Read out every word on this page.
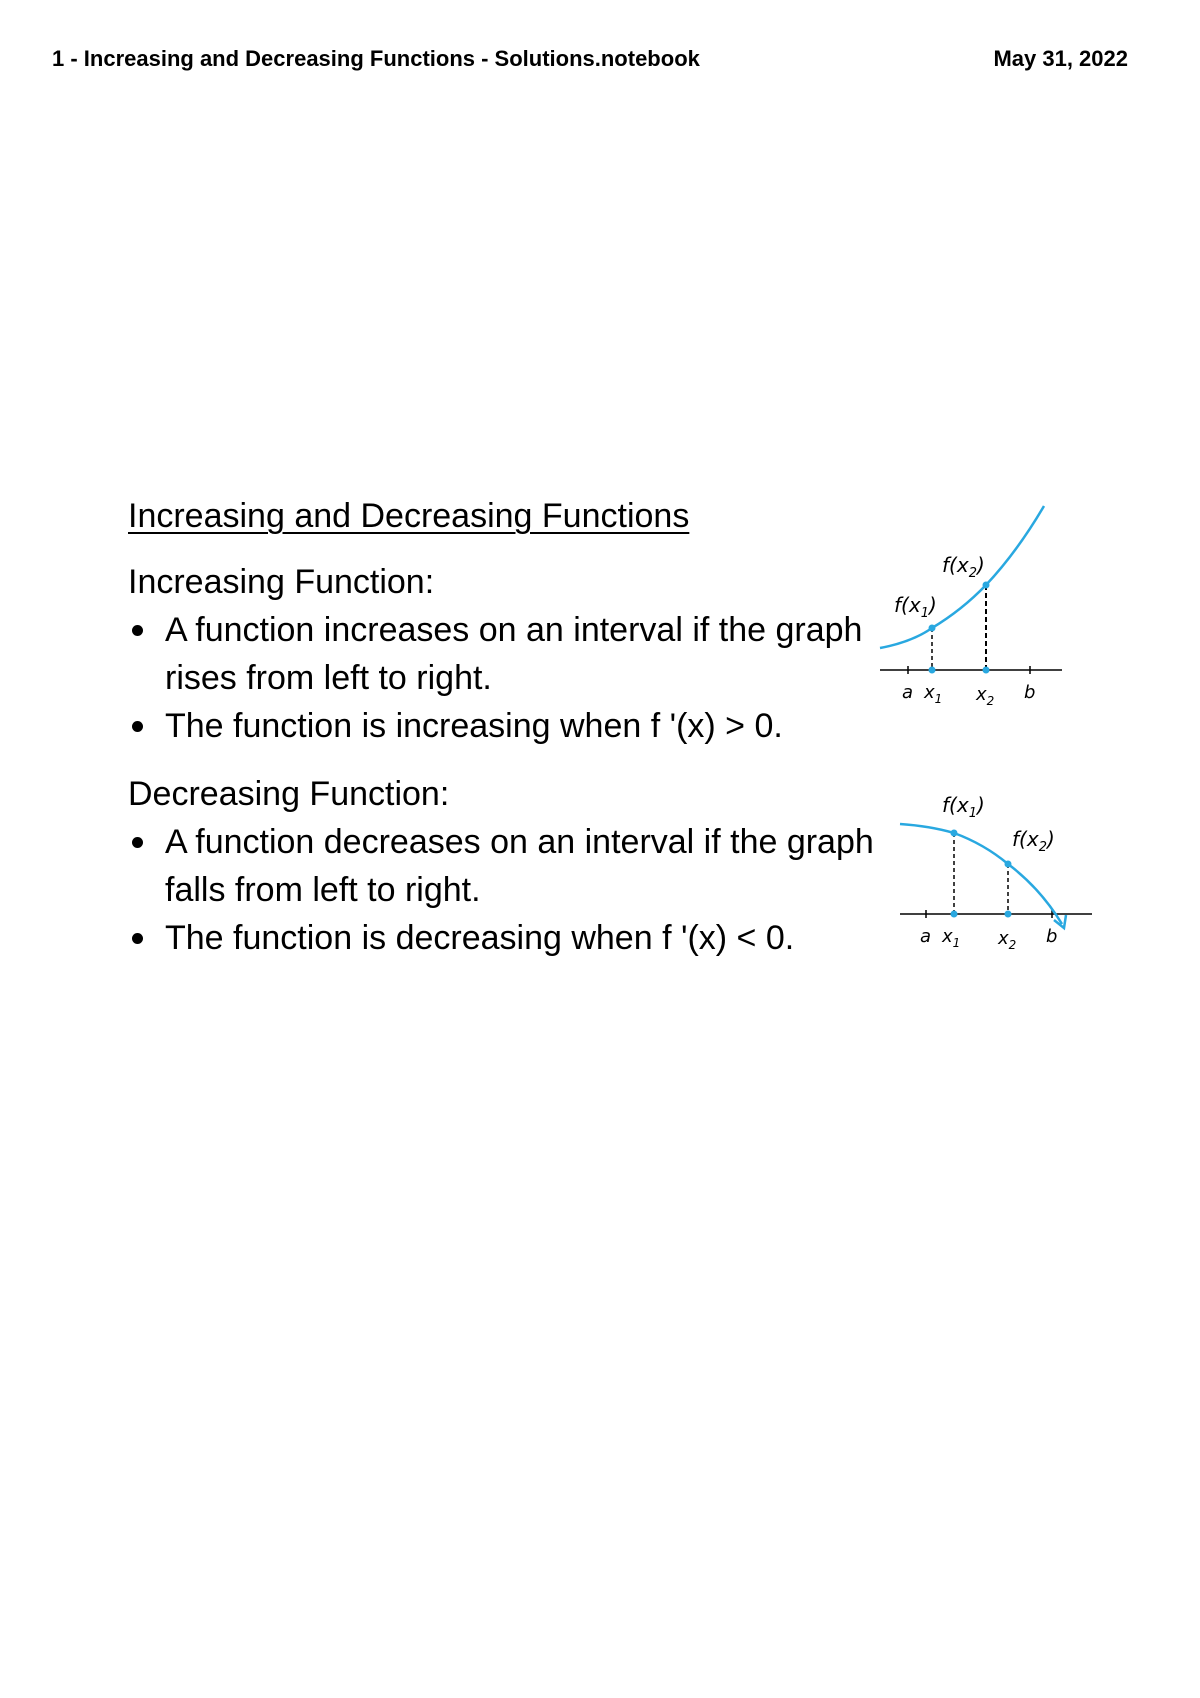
1 - Increasing and Decreasing Functions - Solutions.notebook	May 31, 2022
Increasing and Decreasing Functions
Increasing Function:
A function increases on an interval if the graph rises from left to right.
The function is increasing when f '(x) > 0.
Decreasing Function:
A function decreases on an interval if the graph falls from left to right.
The function is decreasing when f '(x) < 0.
$f(x_1)$
$f(x_2)$
a $x_1$ $x_2$ b
$f(x_1)$
$f(x_2)$
a $x_1$ $x_2$ b
